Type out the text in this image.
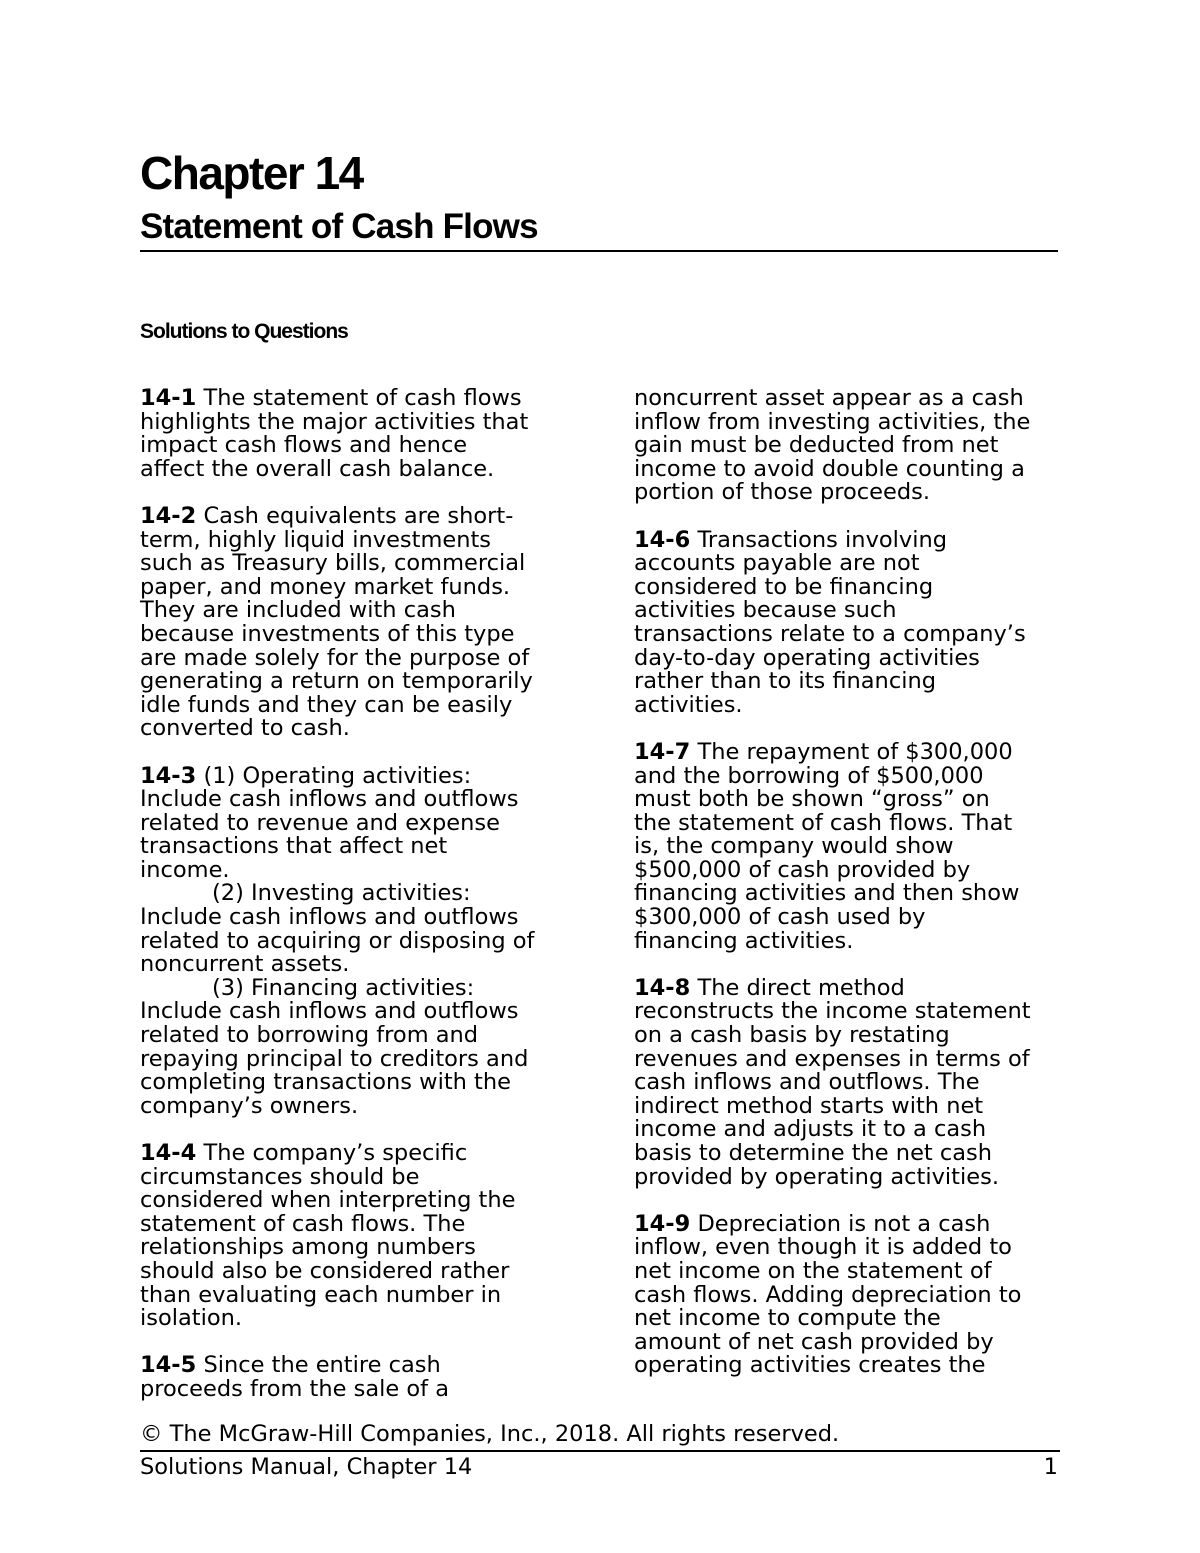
Chapter 14
Statement of Cash Flows
Solutions to Questions
14-1 The statement of cash flows
highlights the major activities that
impact cash flows and hence
affect the overall cash balance.
14-2 Cash equivalents are short-
term, highly liquid investments
such as Treasury bills, commercial
paper, and money market funds.
They are included with cash
because investments of this type
are made solely for the purpose of
generating a return on temporarily
idle funds and they can be easily
converted to cash.
14-3 (1) Operating activities:
Include cash inflows and outflows
related to revenue and expense
transactions that affect net
income.
(2) Investing activities:
Include cash inflows and outflows
related to acquiring or disposing of
noncurrent assets.
(3) Financing activities:
Include cash inflows and outflows
related to borrowing from and
repaying principal to creditors and
completing transactions with the
company’s owners.
14-4 The company’s specific
circumstances should be
considered when interpreting the
statement of cash flows. The
relationships among numbers
should also be considered rather
than evaluating each number in
isolation.
14-5 Since the entire cash
proceeds from the sale of a
noncurrent asset appear as a cash
inflow from investing activities, the
gain must be deducted from net
income to avoid double counting a
portion of those proceeds.
14-6 Transactions involving
accounts payable are not
considered to be financing
activities because such
transactions relate to a company’s
day-to-day operating activities
rather than to its financing
activities.
14-7 The repayment of $300,000
and the borrowing of $500,000
must both be shown “gross” on
the statement of cash flows. That
is, the company would show
$500,000 of cash provided by
financing activities and then show
$300,000 of cash used by
financing activities.
14-8 The direct method
reconstructs the income statement
on a cash basis by restating
revenues and expenses in terms of
cash inflows and outflows. The
indirect method starts with net
income and adjusts it to a cash
basis to determine the net cash
provided by operating activities.
14-9 Depreciation is not a cash
inflow, even though it is added to
net income on the statement of
cash flows. Adding depreciation to
net income to compute the
amount of net cash provided by
operating activities creates the
© The McGraw-Hill Companies, Inc., 2018. All rights reserved.
Solutions Manual, Chapter 14	1
